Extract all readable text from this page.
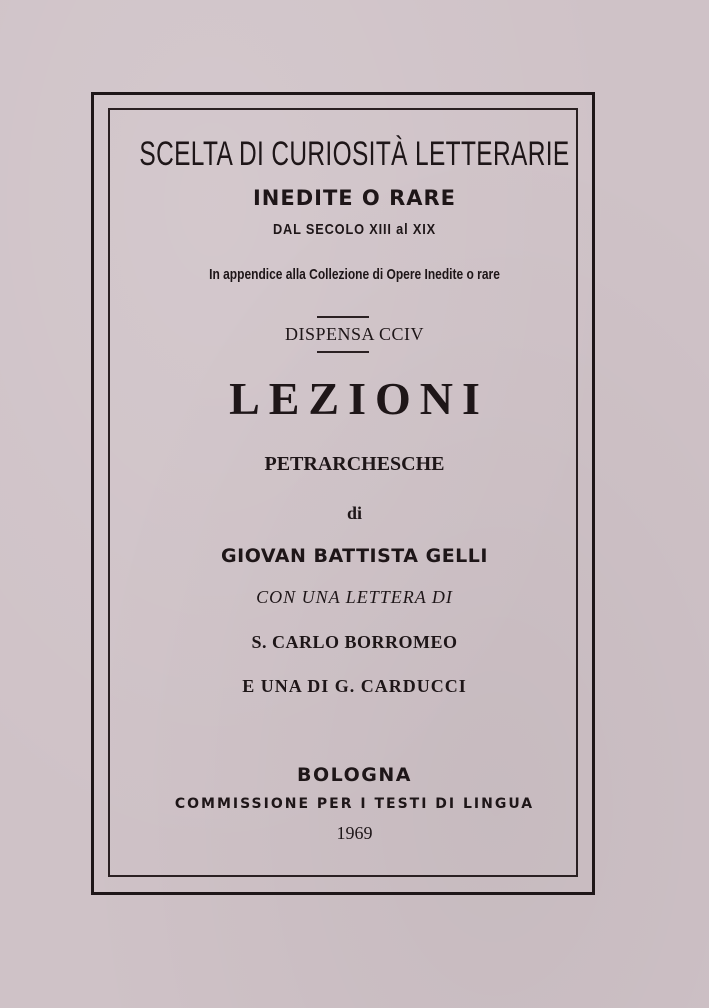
SCELTA DI CURIOSITÀ LETTERARIE
INEDITE O RARE
DAL SECOLO XIII al XIX
In appendice alla Collezione di Opere Inedite o rare
DISPENSA CCIV
LEZIONI
PETRARCHESCHE
di
GIOVAN BATTISTA GELLI
CON UNA LETTERA DI
S. CARLO BORROMEO
E UNA DI G. CARDUCCI
BOLOGNA
COMMISSIONE PER I TESTI DI LINGUA
1969
